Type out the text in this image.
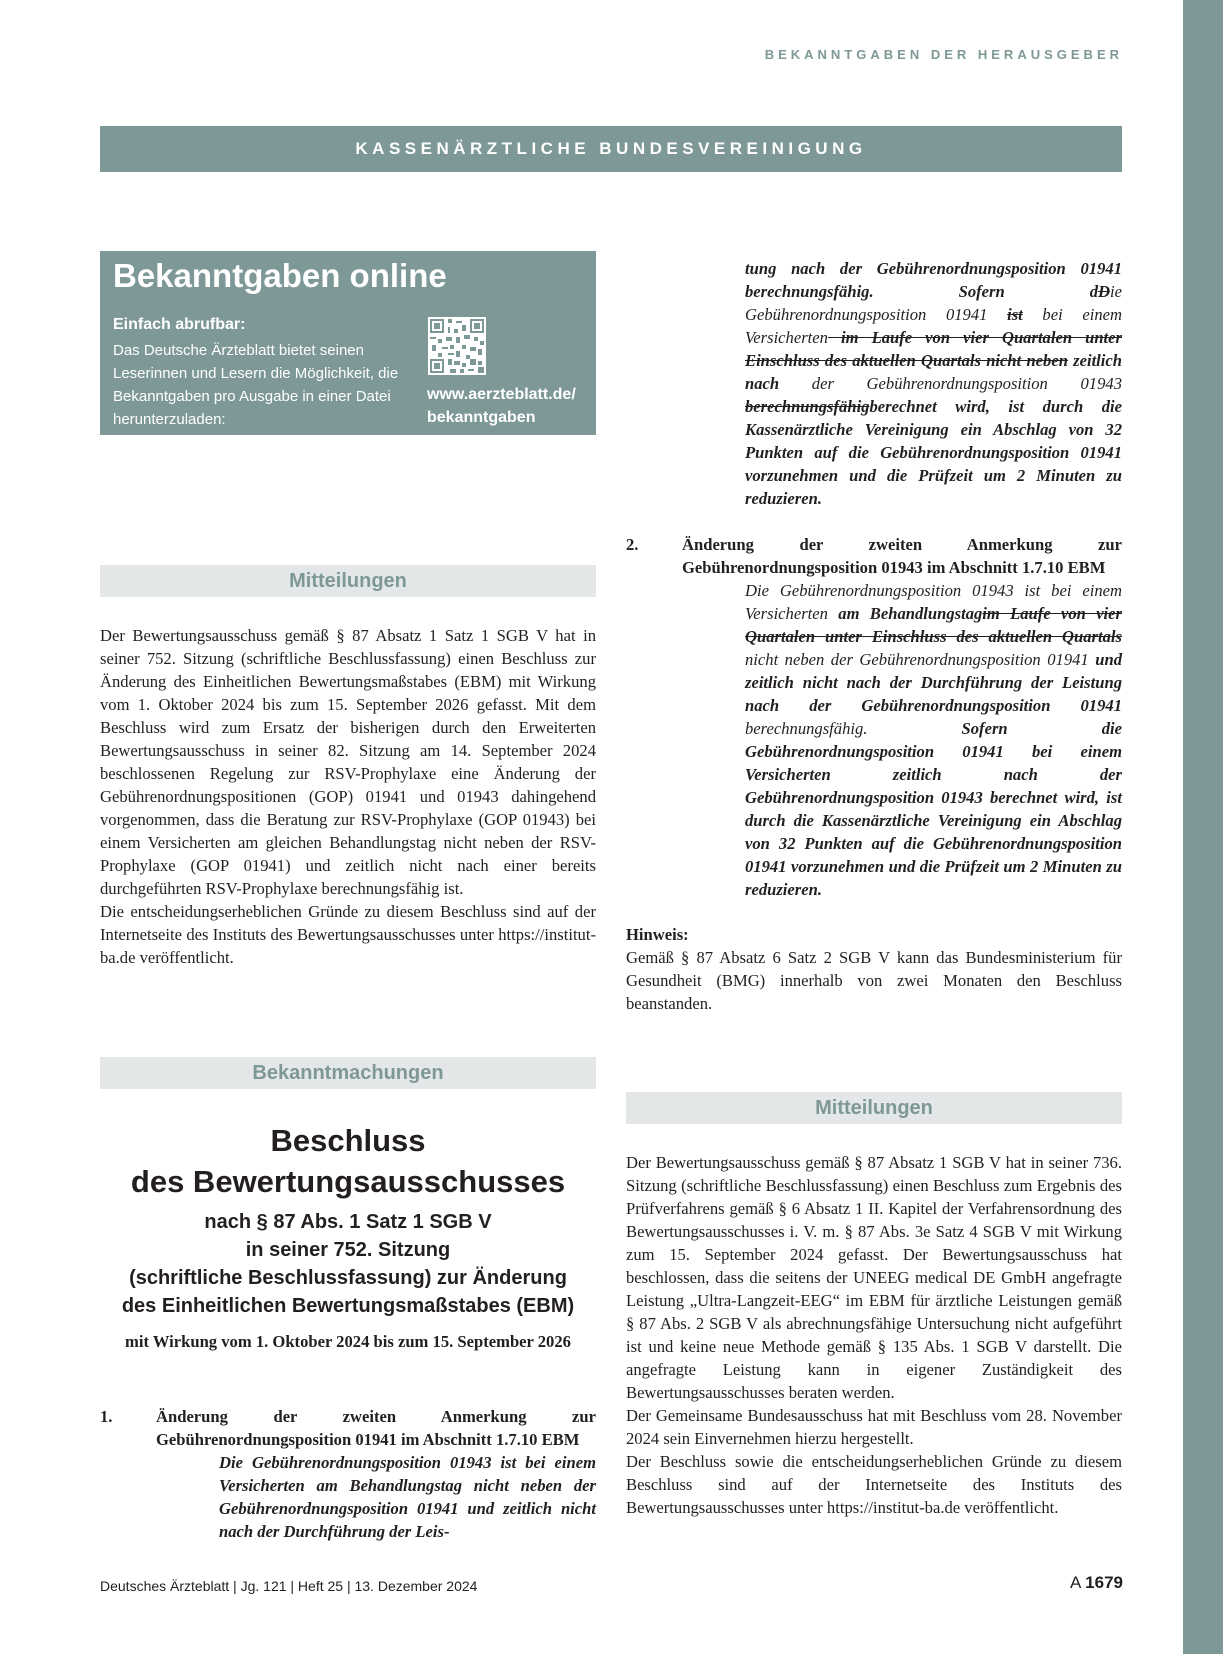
BEKANNTGABEN DER HERAUSGEBER
KASSENÄRZTLICHE BUNDESVEREINIGUNG
Bekanntgaben online
Einfach abrufbar:
Das Deutsche Ärzteblatt bietet seinen Leserinnen und Lesern die Möglichkeit, die Bekanntgaben pro Ausgabe in einer Datei herunterzuladen:
www.aerzteblatt.de/
bekanntgaben
Mitteilungen

Der Bewertungsausschuss gemäß § 87 Absatz 1 Satz 1 SGB V hat in seiner 752. Sitzung (schriftliche Beschlussfassung) einen Beschluss zur Änderung des Einheitlichen Bewertungsmaßstabes (EBM) mit Wirkung vom 1. Oktober 2024 bis zum 15. September 2026 gefasst. Mit dem Beschluss wird zum Ersatz der bisherigen durch den Erweiterten Bewertungsausschuss in seiner 82. Sitzung am 14. September 2024 beschlossenen Regelung zur RSV-Prophylaxe eine Änderung der Gebührenordnungspositionen (GOP) 01941 und 01943 dahingehend vorgenommen, dass die Beratung zur RSV-Prophylaxe (GOP 01943) bei einem Versicherten am gleichen Behandlungstag nicht neben der RSV-Prophylaxe (GOP 01941) und zeitlich nicht nach einer bereits durchgeführten RSV-Prophylaxe berechnungsfähig ist.

Die entscheidungserheblichen Gründe zu diesem Beschluss sind auf der Internetseite des Instituts des Bewertungsausschusses unter https://institut-ba.de veröffentlicht.

Bekanntmachungen
Beschluss
des Bewertungsausschusses
nach § 87 Abs. 1 Satz 1 SGB V
in seiner 752. Sitzung
(schriftliche Beschlussfassung) zur Änderung
des Einheitlichen Bewertungsmaßstabes (EBM)
mit Wirkung vom 1. Oktober 2024 bis zum 15. September 2026
1.	Änderung der zweiten Anmerkung zur Gebührenordnungsposition 01941 im Abschnitt 1.7.10 EBM
Die Gebührenordnungsposition 01943 ist bei einem Versicherten am Behandlungstag nicht neben der Gebührenordnungsposition 01941 und zeitlich nicht nach der Durchführung der Leis-
tung nach der Gebührenordnungsposition 01941 berechnungsfähig. Sofern dDie Gebührenordnungsposition 01941 ist bei einem Versicherten im Laufe von vier Quartalen unter Einschluss des aktuellen Quartals nicht neben zeitlich nach der Gebührenordnungsposition 01943 berechnungsfähigberechnet wird, ist durch die Kassenärztliche Vereinigung ein Abschlag von 32 Punkten auf die Gebührenordnungsposition 01941 vorzunehmen und die Prüfzeit um 2 Minuten zu reduzieren.
2.	Änderung der zweiten Anmerkung zur Gebührenordnungsposition 01943 im Abschnitt 1.7.10 EBM
Die Gebührenordnungsposition 01943 ist bei einem Versicherten am Behandlungstagim Laufe von vier Quartalen unter Einschluss des aktuellen Quartals nicht neben der Gebührenordnungsposition 01941 und zeitlich nicht nach der Durchführung der Leistung nach der Gebührenordnungsposition 01941 berechnungsfähig. Sofern die Gebührenordnungsposition 01941 bei einem Versicherten zeitlich nach der Gebührenordnungsposition 01943 berechnet wird, ist durch die Kassenärztliche Vereinigung ein Abschlag von 32 Punkten auf die Gebührenordnungsposition 01941 vorzunehmen und die Prüfzeit um 2 Minuten zu reduzieren.
Hinweis:
Gemäß § 87 Absatz 6 Satz 2 SGB V kann das Bundesministerium für Gesundheit (BMG) innerhalb von zwei Monaten den Beschluss beanstanden.
Mitteilungen

Der Bewertungsausschuss gemäß § 87 Absatz 1 SGB V hat in seiner 736. Sitzung (schriftliche Beschlussfassung) einen Beschluss zum Ergebnis des Prüfverfahrens gemäß § 6 Absatz 1 II. Kapitel der Verfahrensordnung des Bewertungsausschusses i. V. m. § 87 Abs. 3e Satz 4 SGB V mit Wirkung zum 15. September 2024 gefasst. Der Bewertungsausschuss hat beschlossen, dass die seitens der UNEEG medical DE GmbH angefragte Leistung „Ultra-Langzeit-EEG“ im EBM für ärztliche Leistungen gemäß § 87 Abs. 2 SGB V als abrechnungsfähige Untersuchung nicht aufgeführt ist und keine neue Methode gemäß § 135 Abs. 1 SGB V darstellt. Die angefragte Leistung kann in eigener Zuständigkeit des Bewertungsausschusses beraten werden.

Der Gemeinsame Bundesausschuss hat mit Beschluss vom 28. November 2024 sein Einvernehmen hierzu hergestellt.

Der Beschluss sowie die entscheidungserheblichen Gründe zu diesem Beschluss sind auf der Internetseite des Instituts des Bewertungsausschusses unter https://institut-ba.de veröffentlicht.

Deutsches Ärzteblatt | Jg. 121 | Heft 25 | 13. Dezember 2024	A 1679
